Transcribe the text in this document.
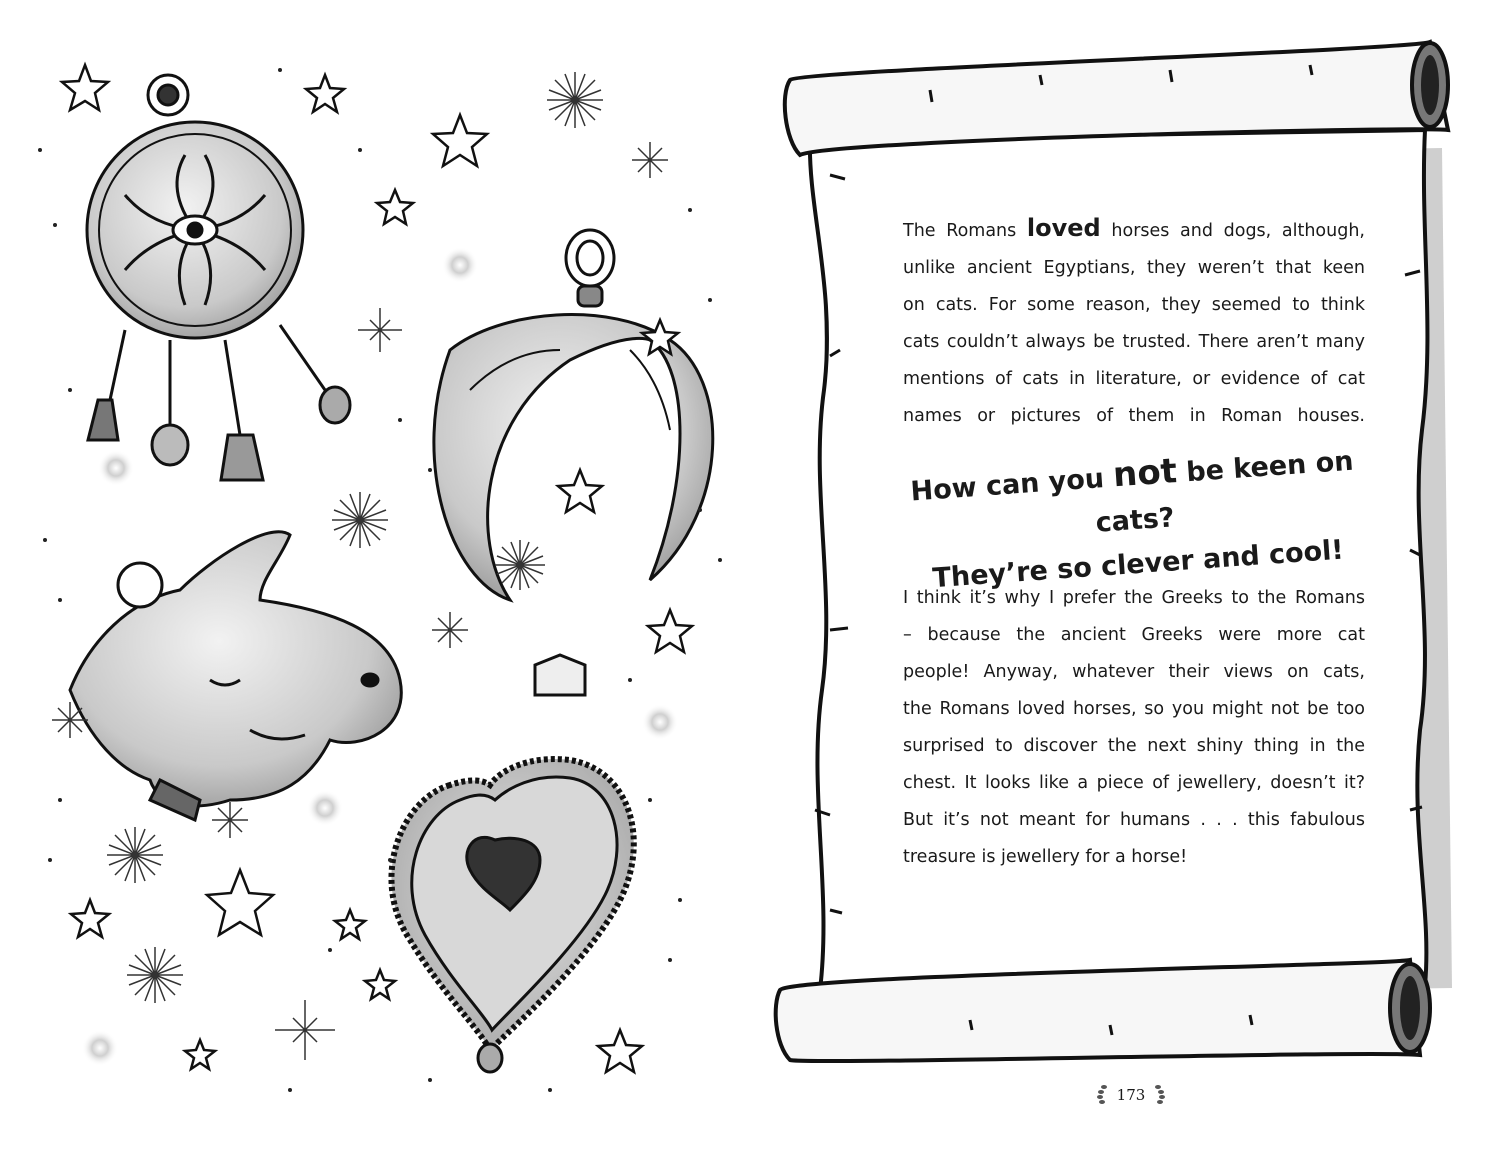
The Romans loved horses and dogs, although,
unlike ancient Egyptians, they weren’t that keen
on cats. For some reason, they seemed to think
cats couldn’t always be trusted. There aren’t many
mentions of cats in literature, or evidence of cat
names or pictures of them in Roman houses.

How can you not be keen on cats?
They’re so clever and cool!

I think it’s why I prefer the Greeks to the Romans
– because the ancient Greeks were more cat
people! Anyway, whatever their views on cats,
the Romans loved horses, so you might not be too
surprised to discover the next shiny thing in the
chest. It looks like a piece of jewellery, doesn’t it?
But it’s not meant for humans . . . this fabulous
treasure is jewellery for a horse!

173
